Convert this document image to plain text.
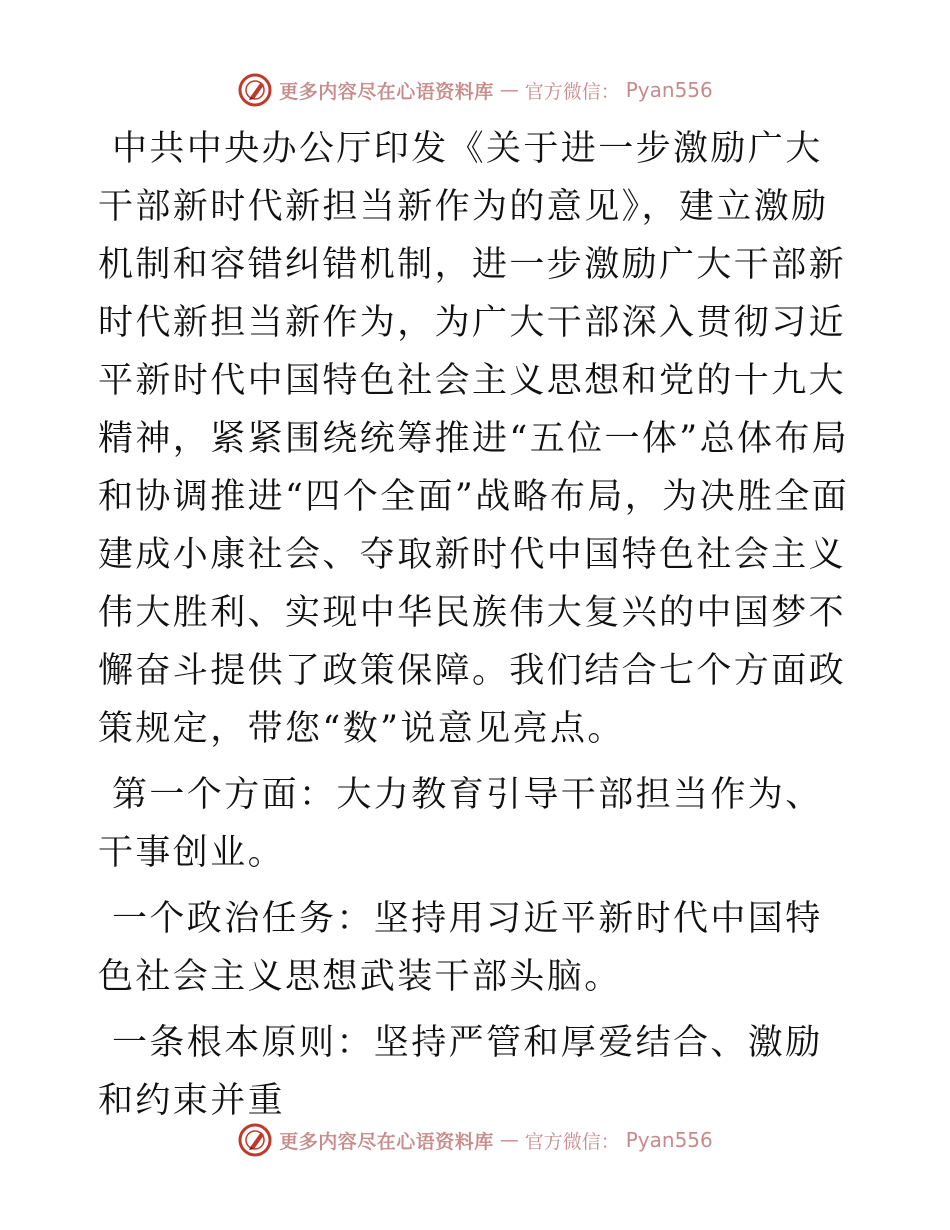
更多内容尽在心语资料库 — 官方微信： Pyan556

中共中央办公厅印发《关于进一步激励广大干部新时代新担当新作为的意见》，建立激励机制和容错纠错机制，进一步激励广大干部新时代新担当新作为，为广大干部深入贯彻习近平新时代中国特色社会主义思想和党的十九大精神，紧紧围绕统筹推进“五位一体”总体布局和协调推进“四个全面”战略布局，为决胜全面建成小康社会、夺取新时代中国特色社会主义伟大胜利、实现中华民族伟大复兴的中国梦不懈奋斗提供了政策保障。我们结合七个方面政策规定，带您“数”说意见亮点。

第一个方面：大力教育引导干部担当作为、干事创业。

一个政治任务：坚持用习近平新时代中国特色社会主义思想武装干部头脑。

一条根本原则：坚持严管和厚爱结合、激励和约束并重

更多内容尽在心语资料库 — 官方微信： Pyan556
